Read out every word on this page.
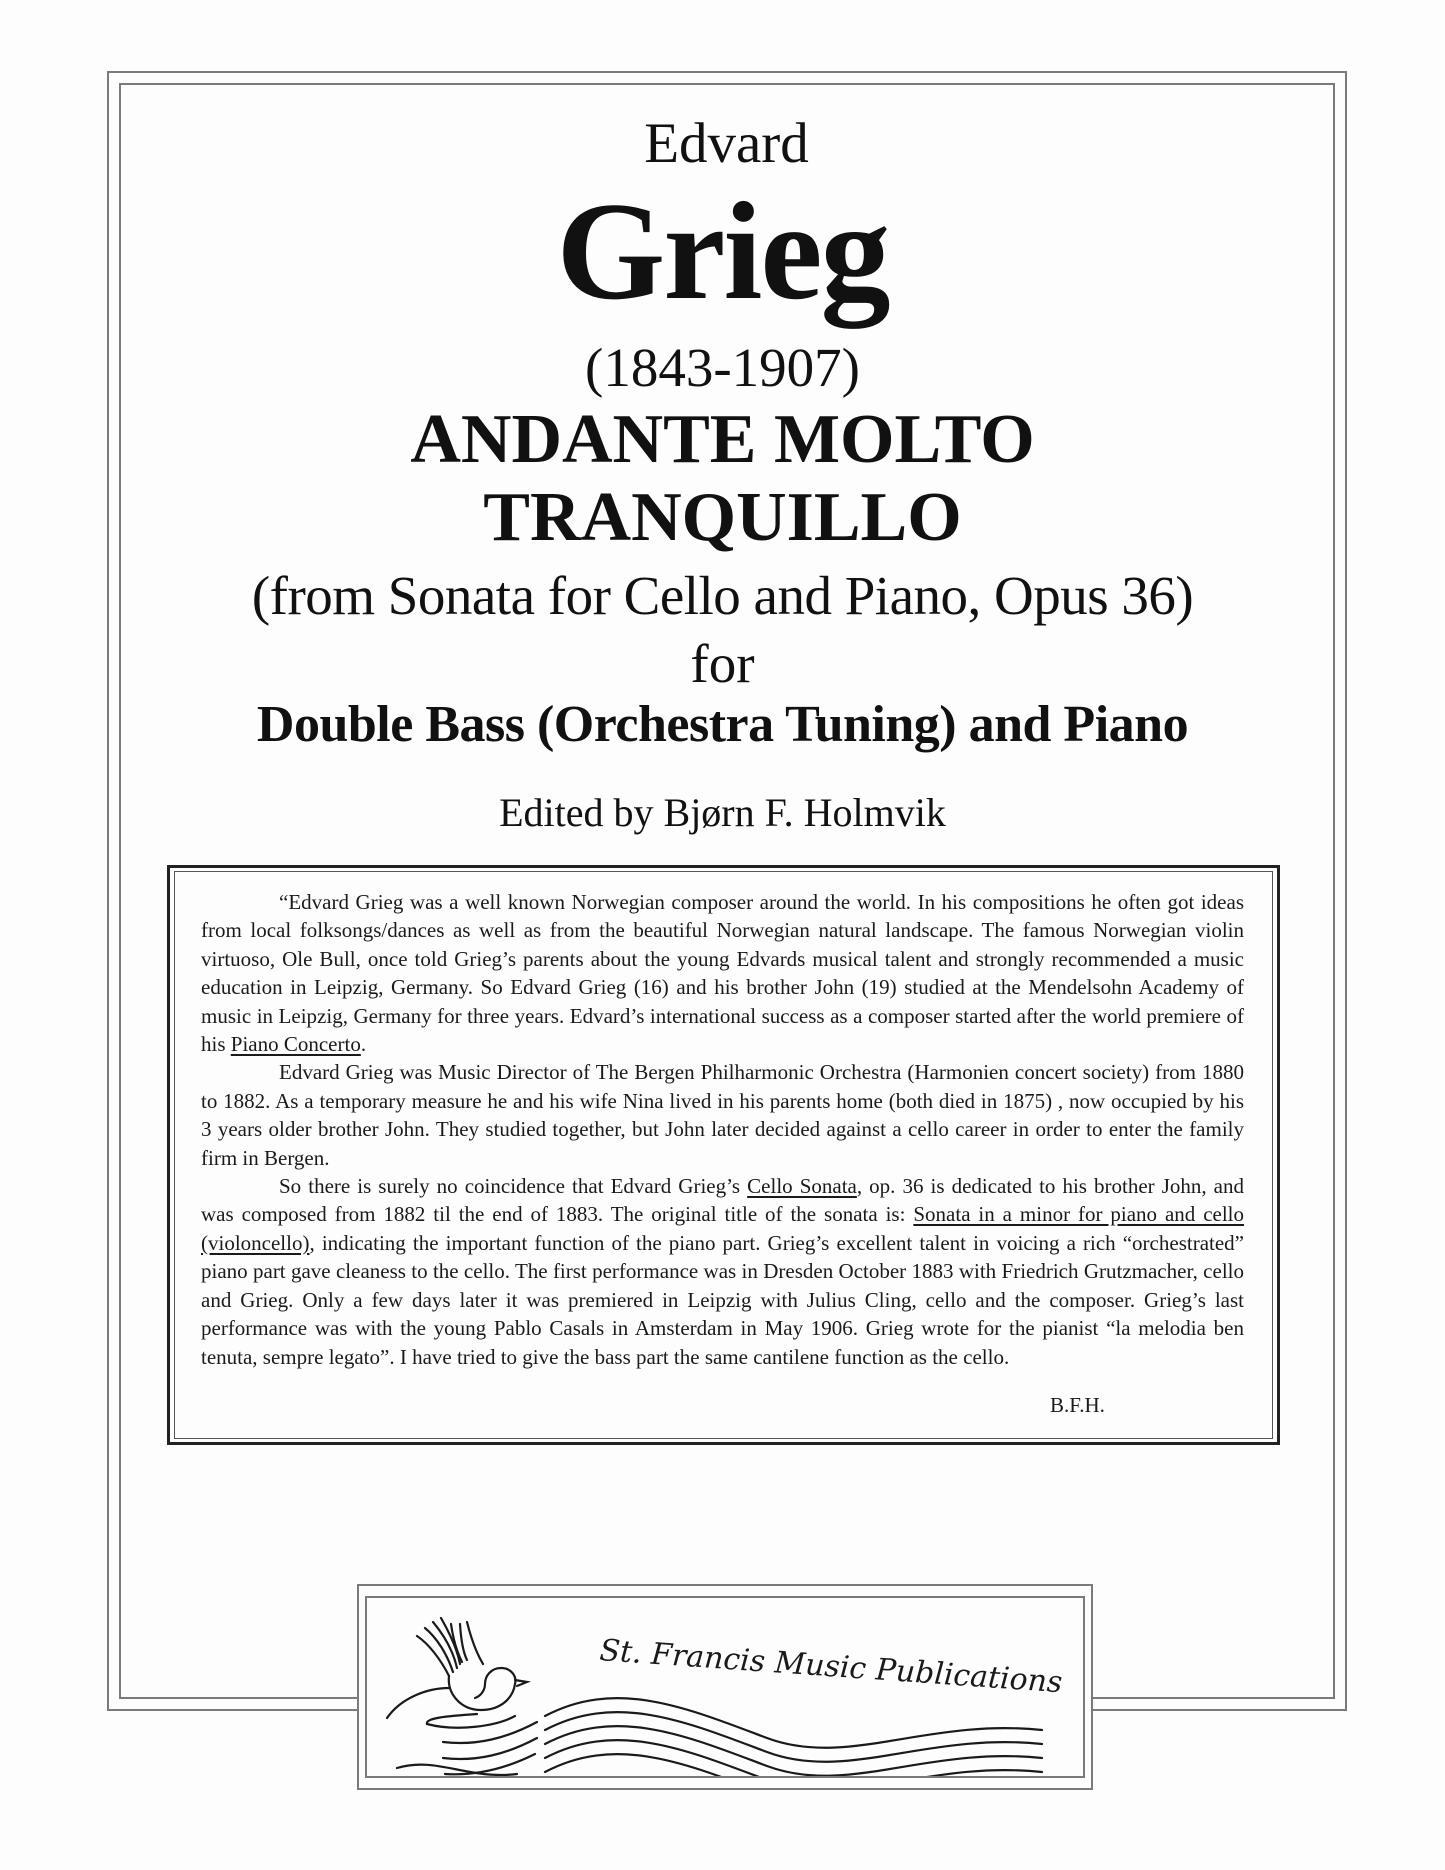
Edvard
Grieg
(1843-1907)
ANDANTE MOLTO
TRANQUILLO
(from Sonata for Cello and Piano, Opus 36)
for
Double Bass (Orchestra Tuning) and Piano
Edited by Bjørn F. Holmvik

“Edvard Grieg was a well known Norwegian composer around the world. In his compositions he often got ideas from local folksongs/dances as well as from the beautiful Norwegian natural landscape. The famous Norwegian violin virtuoso, Ole Bull, once told Grieg’s parents about the young Edvards musical talent and strongly recommended a music education in Leipzig, Germany. So Edvard Grieg (16) and his brother John (19) studied at the Mendelsohn Academy of music in Leipzig, Germany for three years. Edvard’s international success as a composer started after the world premiere of his Piano Concerto.

Edvard Grieg was Music Director of The Bergen Philharmonic Orchestra (Harmonien concert society) from 1880 to 1882. As a temporary measure he and his wife Nina lived in his parents home (both died in 1875) , now occupied by his 3 years older brother John. They studied together, but John later decided against a cello career in order to enter the family firm in Bergen.

So there is surely no coincidence that Edvard Grieg’s Cello Sonata, op. 36 is dedicated to his brother John, and was composed from 1882 til the end of 1883. The original title of the sonata is: Sonata in a minor for piano and cello (violoncello), indicating the important function of the piano part. Grieg’s excellent talent in voicing a rich “orchestrated” piano part gave cleaness to the cello. The first performance was in Dresden October 1883 with Friedrich Grutzmacher, cello and Grieg. Only a few days later it was premiered in Leipzig with Julius Cling, cello and the composer. Grieg’s last performance was with the young Pablo Casals in Amsterdam in May 1906. Grieg wrote for the pianist “la melodia ben tenuta, sempre legato”. I have tried to give the bass part the same cantilene function as the cello.

B.F.H.
St. Francis Music Publications
